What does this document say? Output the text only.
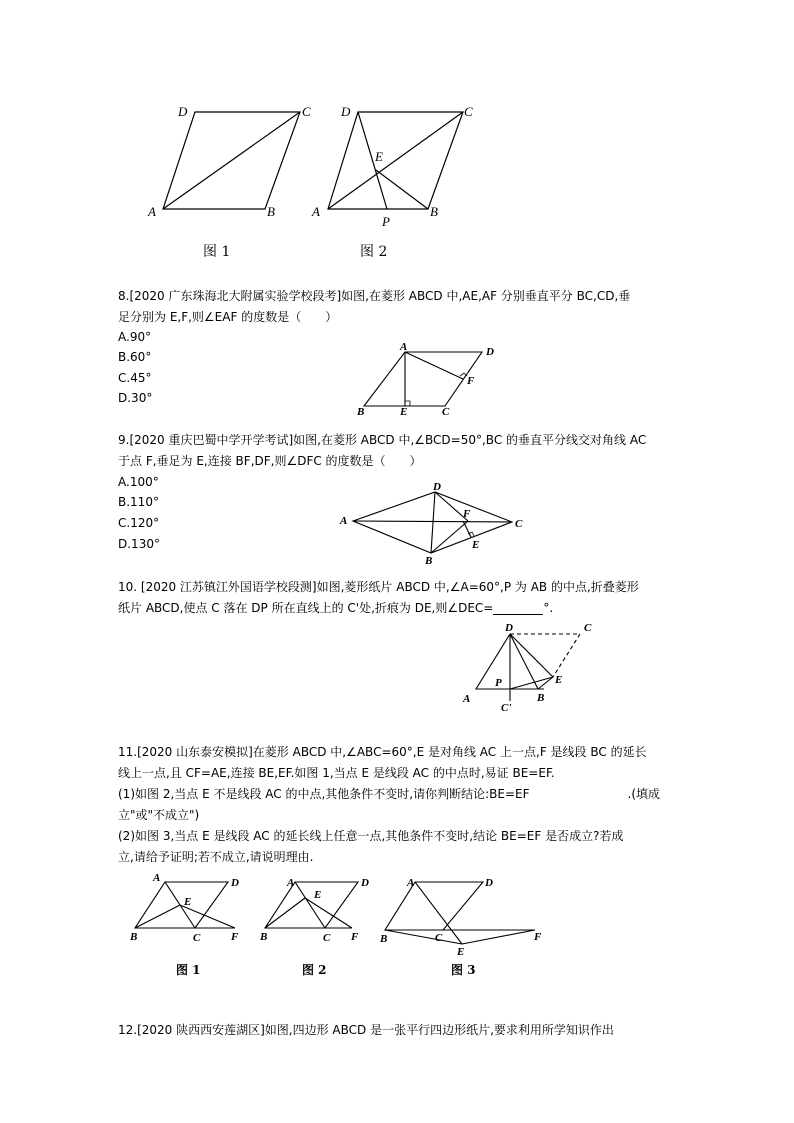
A	B
C
D
图 1
A	B
C
D
E
P
图 2
8.[2020 广东珠海北大附属实验学校段考]如图,在菱形 ABCD 中,AE,AF 分别垂直平分 BC,CD,垂
足分别为 E,F,则∠EAF 的度数是（　　）
A.90°
B.60°
C.45°
D.30°
A
B	C
D
E
F
9.[2020 重庆巴蜀中学开学考试]如图,在菱形 ABCD 中,∠BCD=50°,BC 的垂直平分线交对角线 AC
于点 F,垂足为 E,连接 BF,DF,则∠DFC 的度数是（　　）
A.100°
B.110°
C.120°
D.130°
A
B
C
D
E
F
10. [2020 江苏镇江外国语学校段测]如图,菱形纸片 ABCD 中,∠A=60°,P 为 AB 的中点,折叠菱形
纸片 ABCD,使点 C 落在 DP 所在直线上的 C'处,折痕为 DE,则∠DEC=	°.
A	B
C
D
E
P
C'
11.[2020 山东泰安模拟]在菱形 ABCD 中,∠ABC=60°,E 是对角线 AC 上一点,F 是线段 BC 的延长
线上一点,且 CF=AE,连接 BE,EF.如图 1,当点 E 是线段 AC 的中点时,易证 BE=EF.
(1)如图 2,当点 E 不是线段 AC 的中点,其他条件不变时,请你判断结论:BE=EF	.(填成
立"或"不成立")
(2)如图 3,当点 E 是线段 AC 的延长线上任意一点,其他条件不变时,结论 BE=EF 是否成立?若成
立,请给予证明;若不成立,请说明理由.
A
B	C
D
E
F
图 1
A
B	C
D
E
F
图 2
A
B	C
D
E
F
图 3
12.[2020 陕西西安莲湖区]如图,四边形 ABCD 是一张平行四边形纸片,要求利用所学知识作出
